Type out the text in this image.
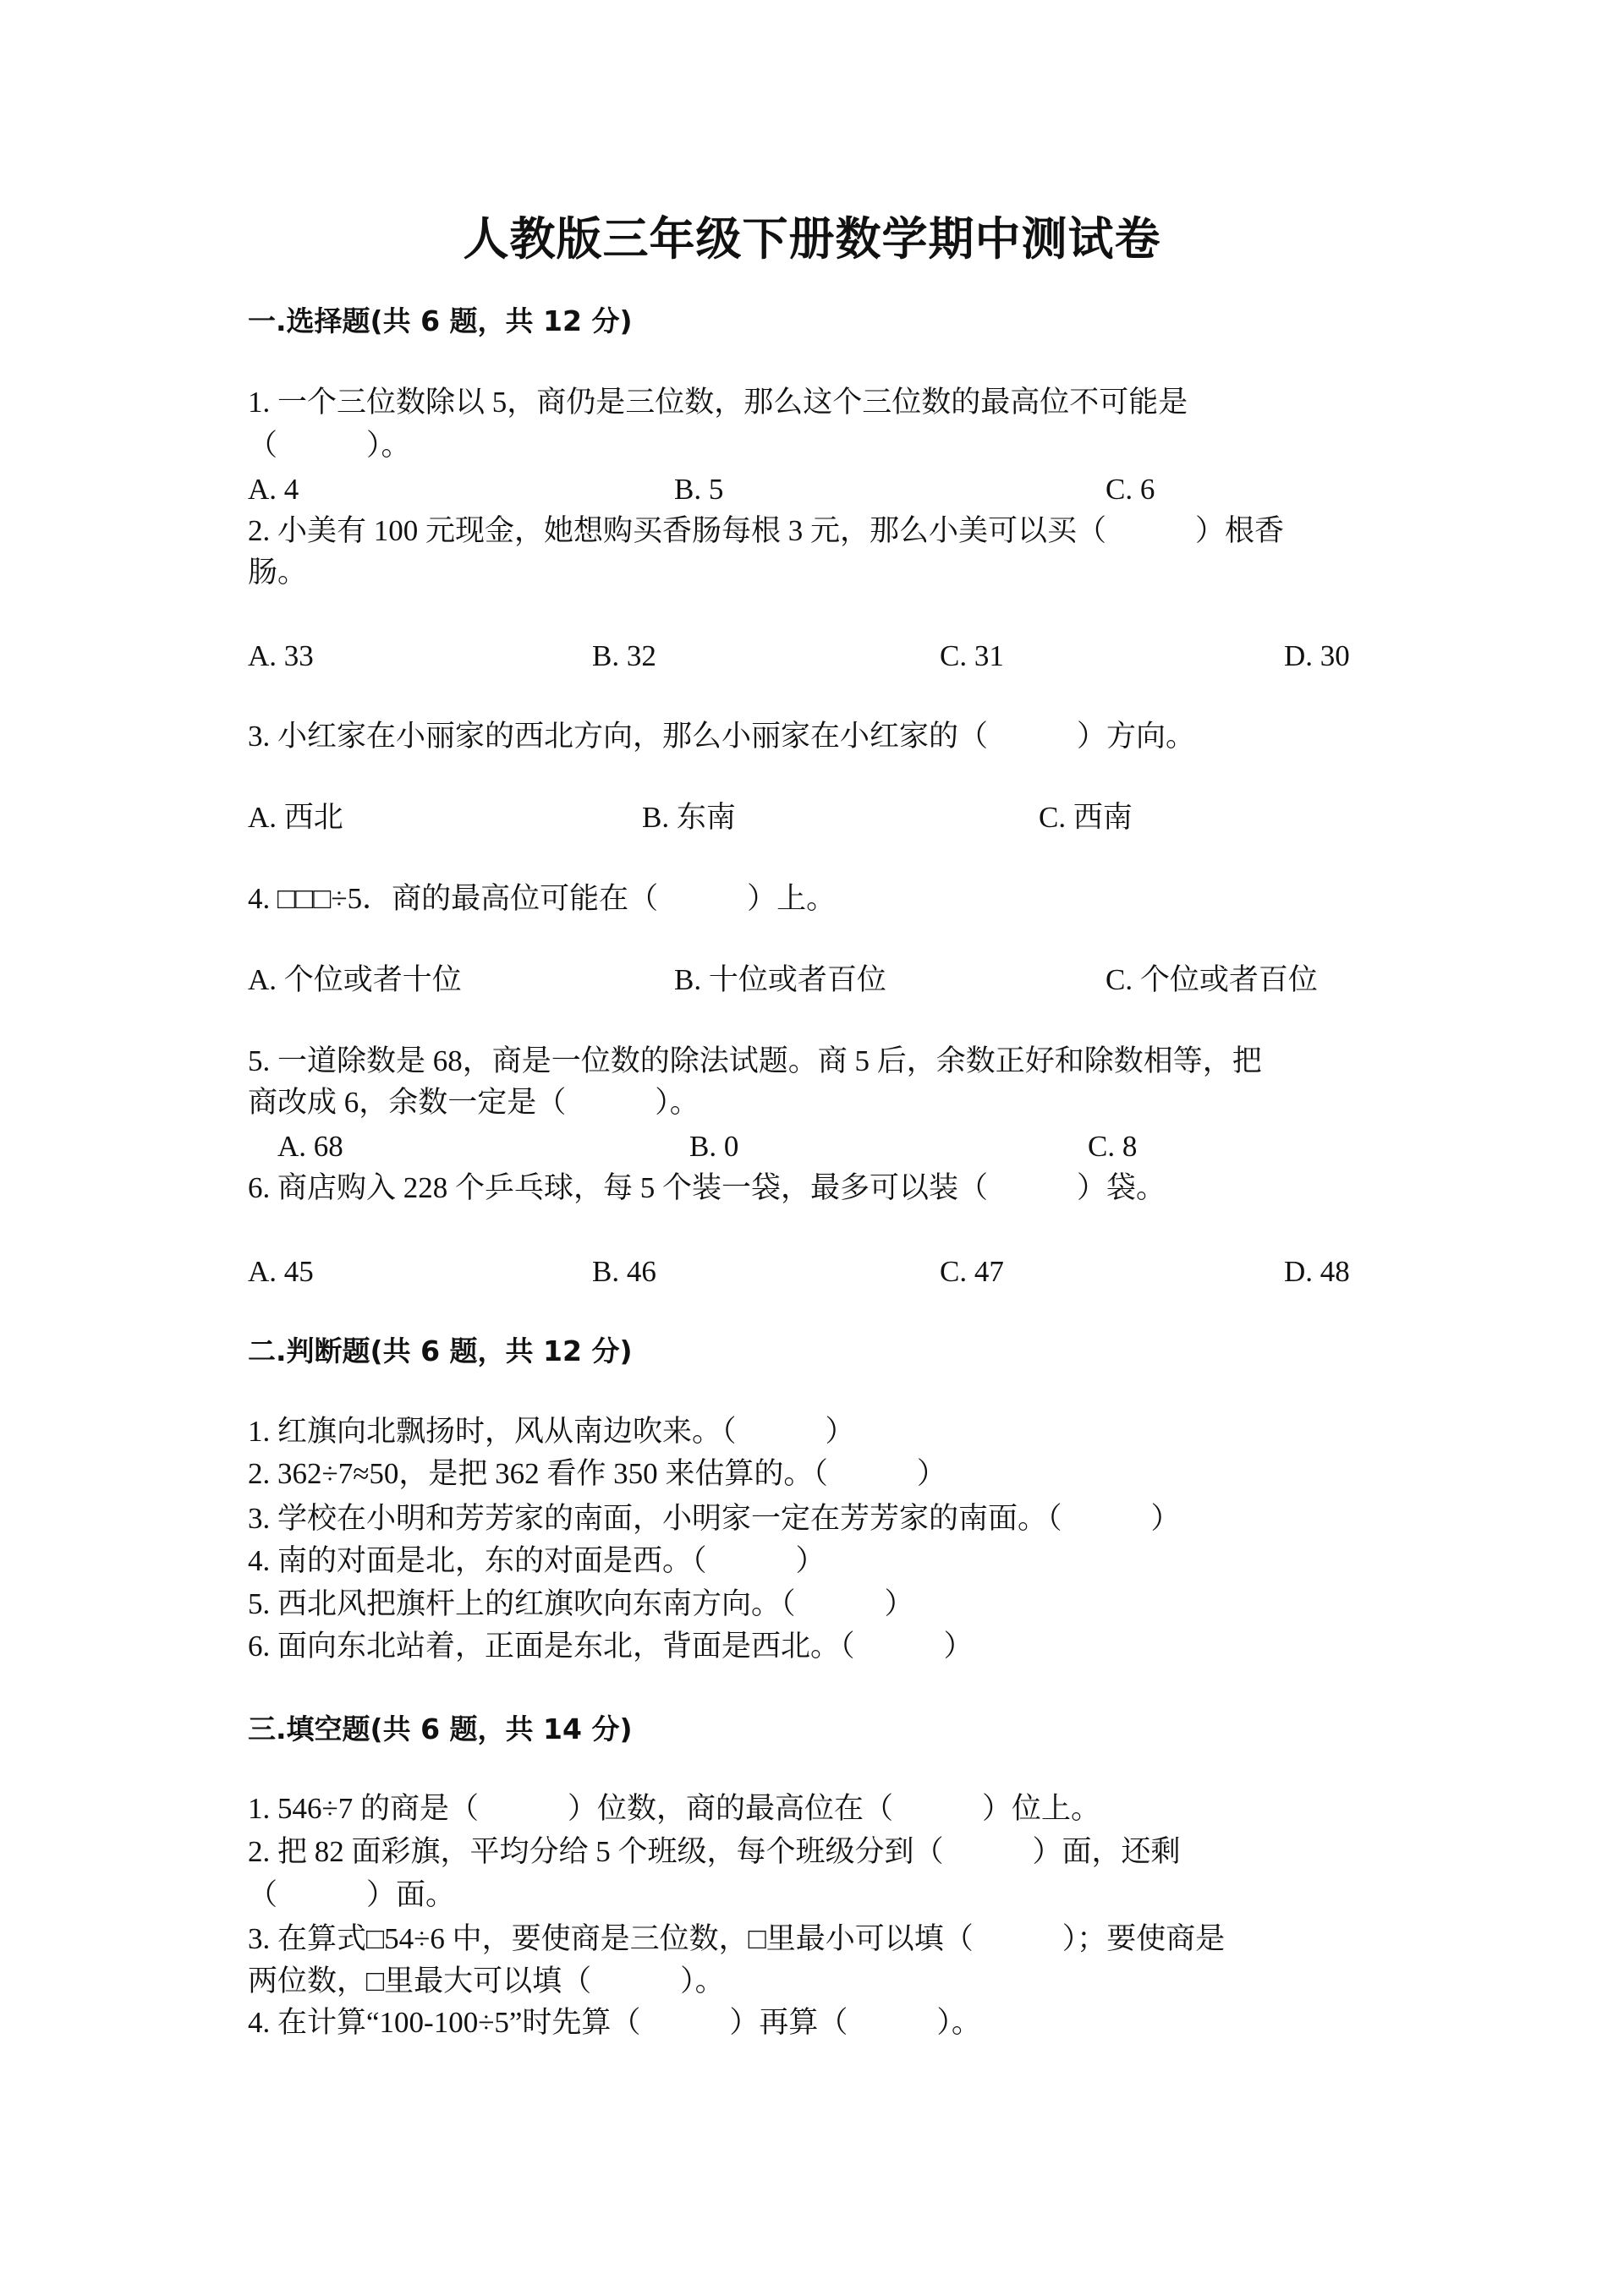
人教版三年级下册数学期中测试卷
一.选择题(共 6 题，共 12 分)
1. 一个三位数除以 5，商仍是三位数，那么这个三位数的最高位不可能是
（　　　）。
A. 4	B. 5	C. 6
2. 小美有 100 元现金，她想购买香肠每根 3 元，那么小美可以买（　　　）根香
肠。
A. 33	B. 32	C. 31	D. 30
3. 小红家在小丽家的西北方向，那么小丽家在小红家的（　　　）方向。
A. 西北	B. 东南	C. 西南
4. □□□÷5．商的最高位可能在（　　　）上。
A. 个位或者十位	B. 十位或者百位	C. 个位或者百位
5. 一道除数是 68，商是一位数的除法试题。商 5 后，余数正好和除数相等，把
商改成 6，余数一定是（　　　）。
A. 68	B. 0	C. 8
6. 商店购入 228 个乒乓球，每 5 个装一袋，最多可以装（　　　）袋。
A. 45	B. 46	C. 47	D. 48
二.判断题(共 6 题，共 12 分)
1. 红旗向北飘扬时，风从南边吹来。（　　　）
2. 362÷7≈50，是把 362 看作 350 来估算的。（　　　）
3. 学校在小明和芳芳家的南面，小明家一定在芳芳家的南面。（　　　）
4. 南的对面是北，东的对面是西。（　　　）
5. 西北风把旗杆上的红旗吹向东南方向。（　　　）
6. 面向东北站着，正面是东北，背面是西北。（　　　）
三.填空题(共 6 题，共 14 分)
1. 546÷7 的商是（　　　）位数，商的最高位在（　　　）位上。
2. 把 82 面彩旗，平均分给 5 个班级，每个班级分到（　　　）面，还剩
（　　　）面。
3. 在算式□54÷6 中，要使商是三位数，□里最小可以填（　　　）；要使商是
两位数，□里最大可以填（　　　）。
4. 在计算“100-100÷5”时先算（　　　）再算（　　　）。
